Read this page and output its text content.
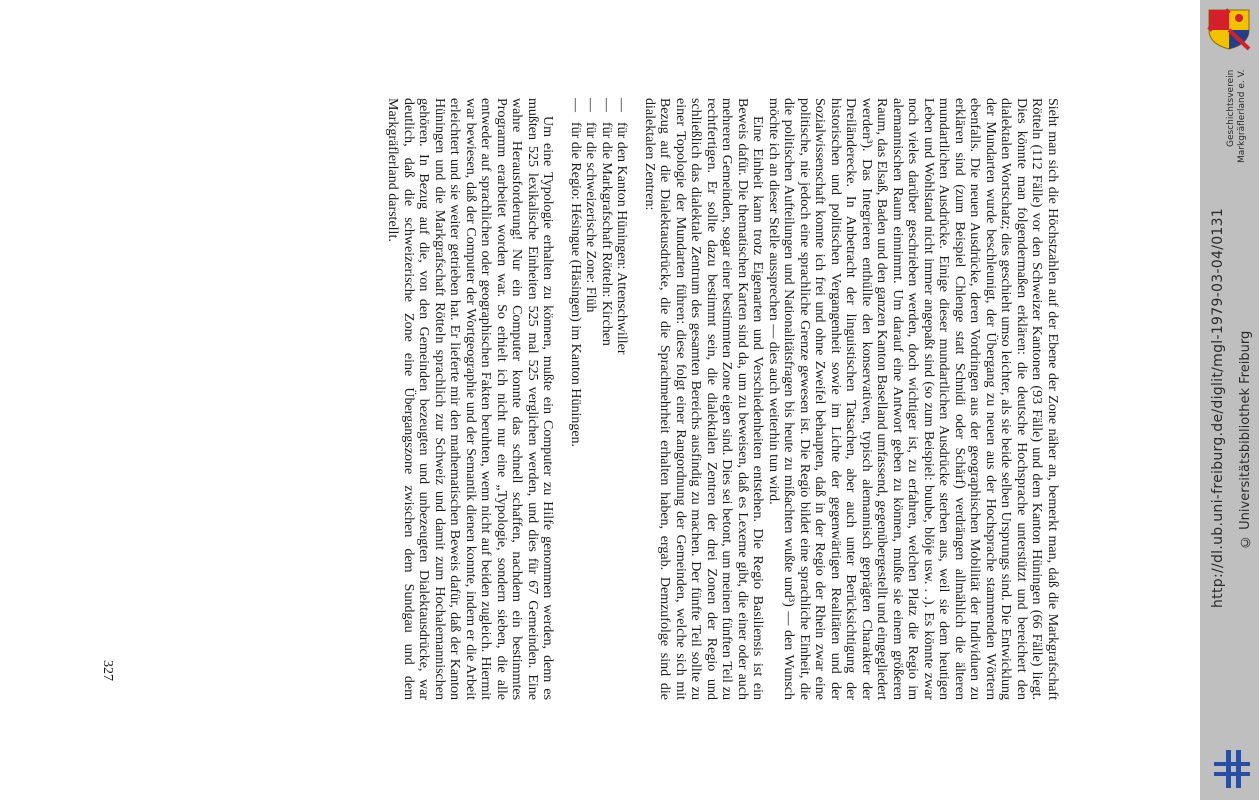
Sieht man sich die Höchstzahlen auf der Ebene der Zone näher an, bemerkt man, daß die Markgrafschaft Rötteln (112 Fälle) vor den Schweizer Kantonen (93 Fälle) und dem Kanton Hüningen (66 Fälle) liegt. Dies könnte man folgendermaßen erklären: die deutsche Hochsprache unterstützt und bereichert den dialektalen Wortschatz; dies geschieht umso leichter, als sie beide selben Ursprungs sind. Die Entwicklung der Mundarten wurde beschleunigt, der Übergang zu neuen aus der Hochsprache stammenden Wörtern ebenfalls. Die neuen Ausdrücke, deren Vordringen aus der geographischen Mobilität der Individuen zu erklären sind (zum Beispiel Chlenge statt Schnidi oder Schärf) verdrängen allmählich die älteren mundartlichen Ausdrücke. Einige dieser mundartlichen Ausdrücke sterben aus, weil sie dem heutigen Leben und Wohlstand nicht immer angepaßt sind (so zum Beispiel: buube, blöje usw. . .). Es könnte zwar noch vieles darüber geschrieben werden, doch wichtiger ist, zu erfahren, welchen Platz die Regio im alemannischen Raum einnimmt. Um darauf eine Antwort geben zu können, mußte sie einem größeren Raum, das Elsaß, Baden und den ganzen Kanton Baselland umfassend, gegenübergestellt und eingegliedert werden³). Das Integrieren enthüllte den konservativen, typisch alemannisch geprägten Charakter der Dreiländerecke. In Anbetracht der linguistischen Tatsachen, aber auch unter Berücksichtigung der historischen und politischen Vergangenheit sowie im Lichte der gegenwärtigen Realitäten und der Sozialwissenschaft konnte ich frei und ohne Zweifel behaupten, daß in der Regio der Rhein zwar eine politische, nie jedoch eine sprachliche Grenze gewesen ist. Die Regio bildet eine sprachliche Einheit, die die politischen Aufteilungen und Nationalitätsfragen bis heute zu mißachten wußte und³) — den Wunsch möchte ich an dieser Stelle aussprechen — dies auch weiterhin tun wird.

Eine Einheit kann trotz Eigenarten und Verschiedenheiten entstehen. Die Regio Basiliensis ist ein Beweis dafür. Die thematischen Karten sind da, um zu beweisen, daß es Lexeme gibt, die einer oder auch mehreren Gemeinden, sogar einer bestimmten Zone eigen sind. Dies sei betont, um meinen fünften Teil zu rechtfertigen. Er sollte dazu bestimmt sein, die dialektalen Zentren der drei Zonen der Regio und schließlich das dialektale Zentrum des gesamten Bereichs ausfindig zu machen. Der fünfte Teil sollte zu einer Topologie der Mundarten führen: diese folgt einer Rangordnung der Gemeinden, welche sich mit Bezug auf die Dialektausdrücke, die die Sprachmehrheit erhalten haben, ergab. Demzufolge sind die dialektalen Zentren:

—für den Kanton Hüningen: Attenschwiller
—für die Markgrafschaft Rötteln: Kirchen
—für die schweizerische Zone: Flüh
—für die Regio: Hésingue (Häsingen) im Kanton Hüningen.

Um eine Typologie erhalten zu können, mußte ein Computer zu Hilfe genommen werden, denn es mußten 525 lexikalische Einheiten 525 mal 525 verglichen werden, und dies für 67 Gemeinden. Eine wahre Herausforderung! Nur ein Computer konnte das schnell schaffen, nachdem ein bestimmtes Programm erarbeitet worden war. So erhielt ich nicht nur eine „Typologie, sondern sieben, die alle entweder auf sprachlichen oder geographischen Fakten beruhten, wenn nicht auf beiden zugleich. Hiermit war bewiesen, daß der Computer der Wortgeographie und der Semantik dienen konnte, indem er die Arbeit erleichtert und sie weiter getrieben hat. Er lieferte mir den mathematischen Beweis dafür, daß der Kanton Hüningen und die Markgrafschaft Rötteln sprachlich zur Schweiz und damit zum Hochalemannischen gehören. In Bezug auf die, von den Gemeinden bezeugten und unbezeugten Dialektausdrücke, war deutlich, daß die schweizerische Zone eine Übergangszone zwischen dem Sundgau und dem Markgräflerland darstellt.

327
Geschichtsverein
Markgräflerland e. V.
http://dl.ub.uni-freiburg.de/diglit/mgl-1979-03-04/0131 © Universitätsbibliothek Freiburg
